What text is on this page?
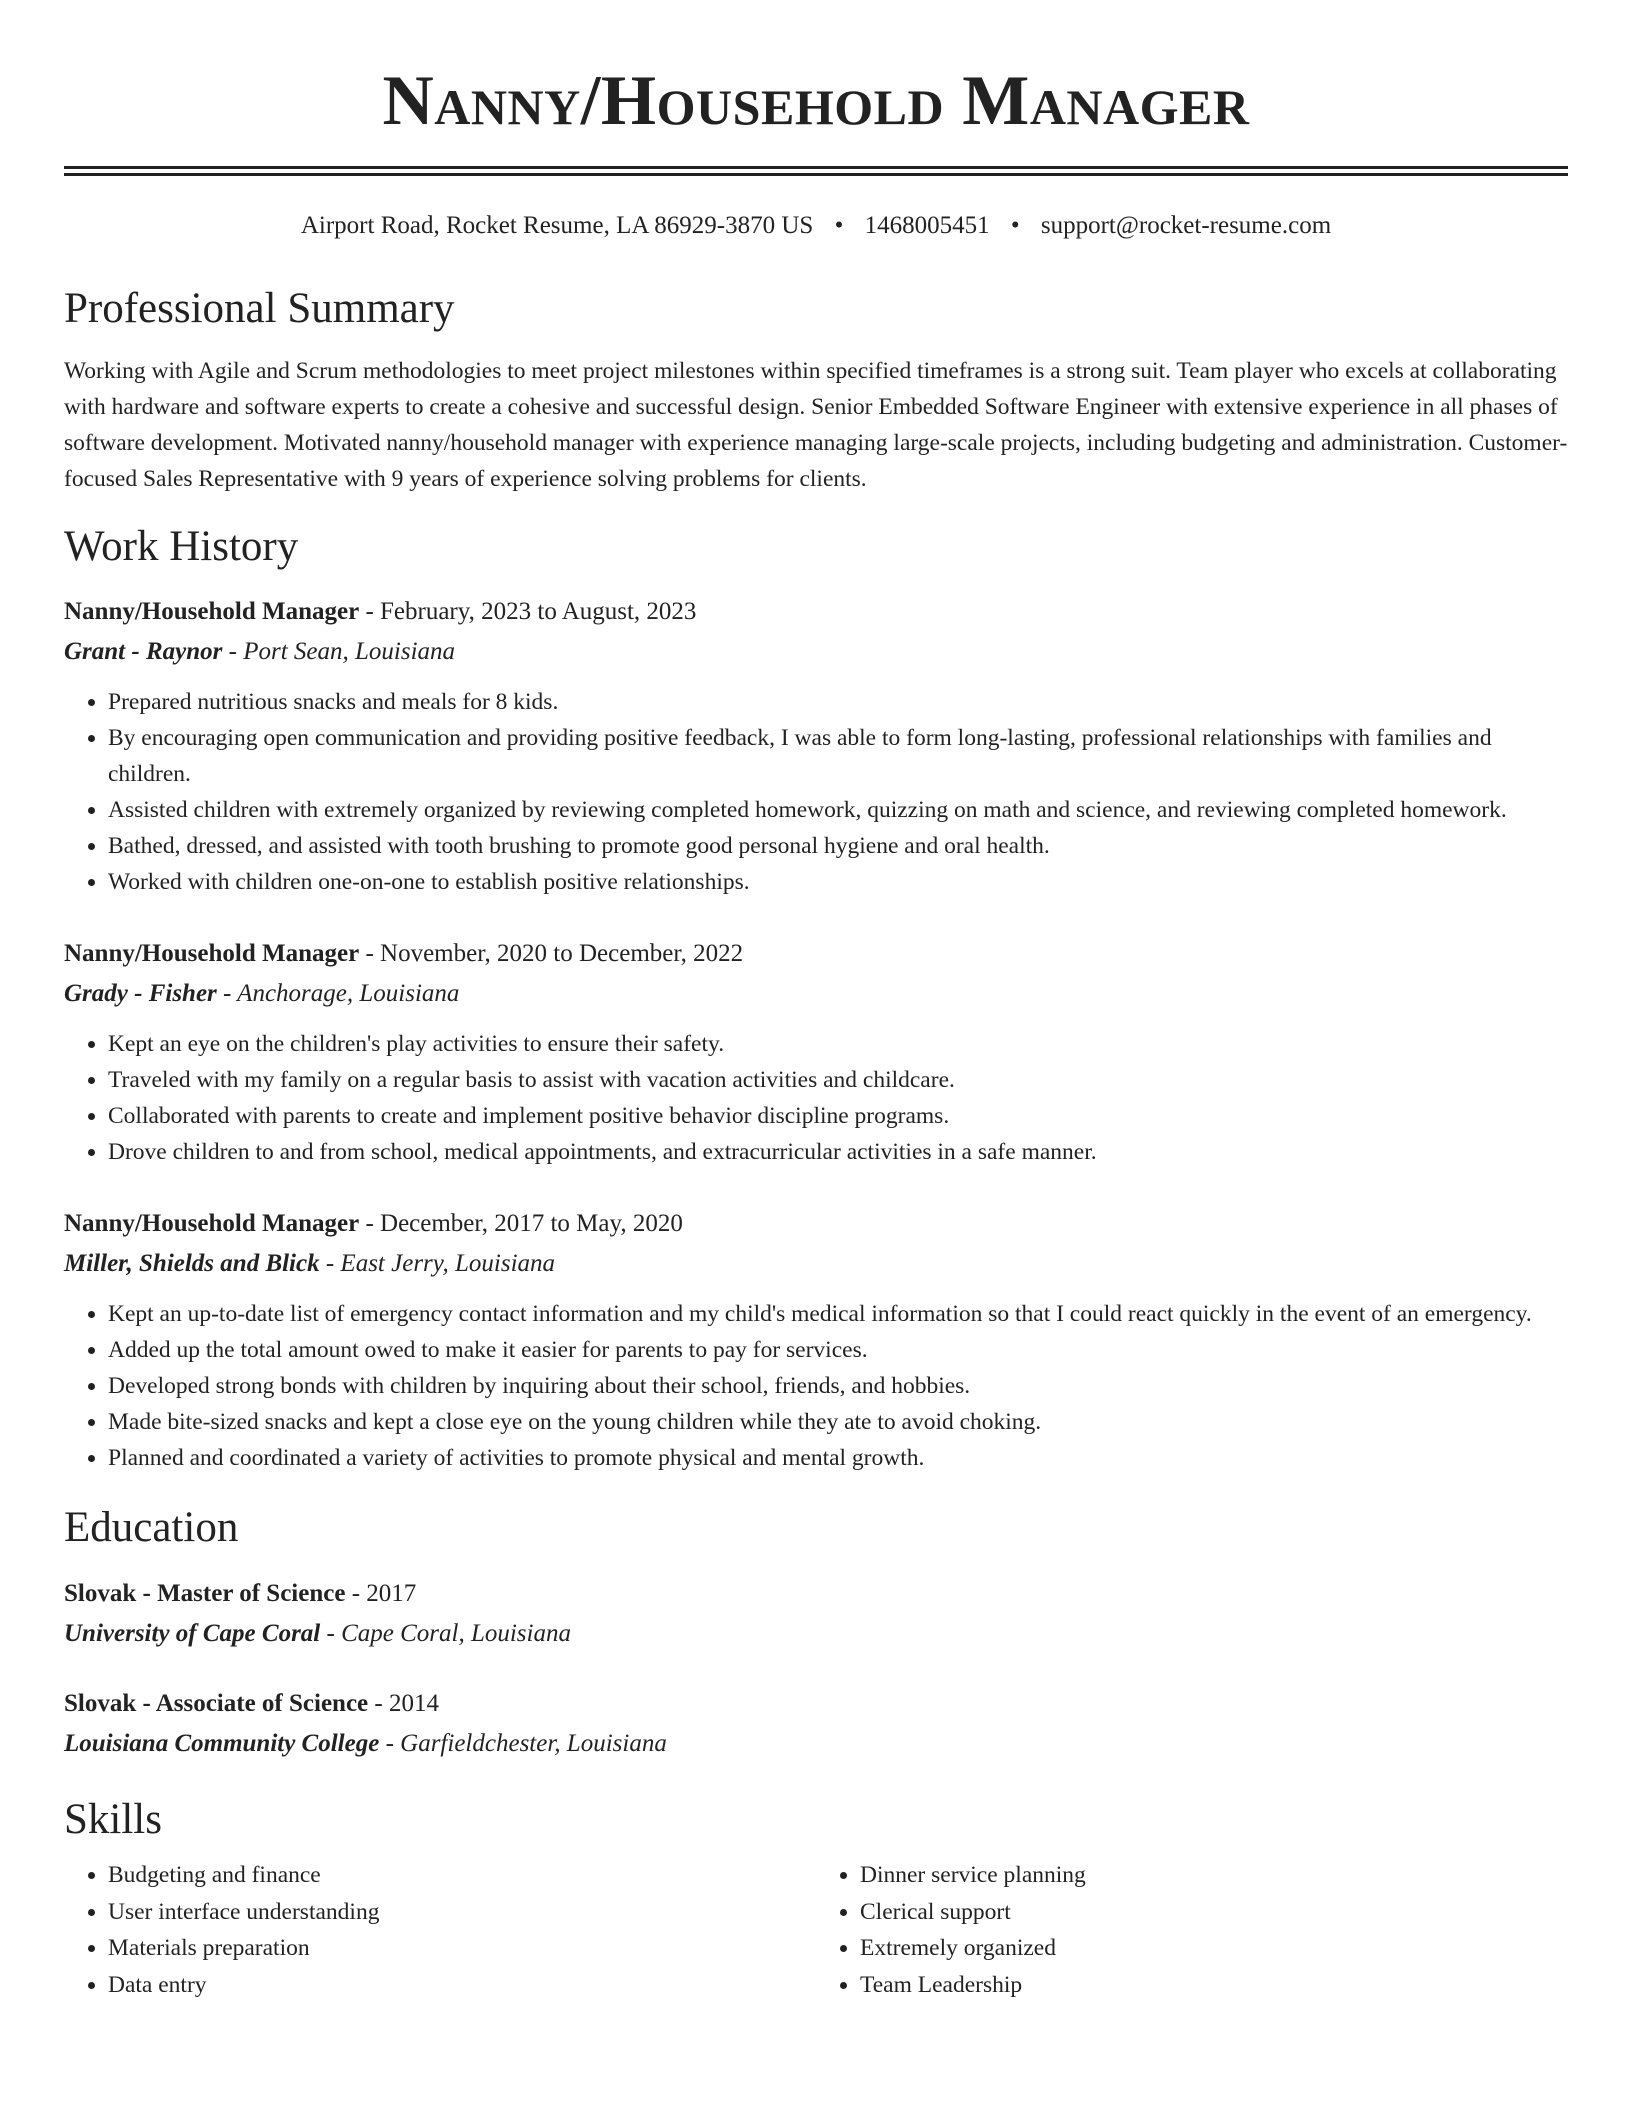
Nanny/Household Manager
Airport Road, Rocket Resume, LA 86929-3870 US • 1468005451 • support@rocket-resume.com
Professional Summary

Working with Agile and Scrum methodologies to meet project milestones within specified timeframes is a strong suit. Team player who excels at collaborating with hardware and software experts to create a cohesive and successful design. Senior Embedded Software Engineer with extensive experience in all phases of software development. Motivated nanny/household manager with experience managing large-scale projects, including budgeting and administration. Customer-focused Sales Representative with 9 years of experience solving problems for clients.

Work History
Nanny/Household Manager - February, 2023 to August, 2023
Grant - Raynor - Port Sean, Louisiana
• Prepared nutritious snacks and meals for 8 kids.
• By encouraging open communication and providing positive feedback, I was able to form long-lasting, professional relationships with families and children.
• Assisted children with extremely organized by reviewing completed homework, quizzing on math and science, and reviewing completed homework.
• Bathed, dressed, and assisted with tooth brushing to promote good personal hygiene and oral health.
• Worked with children one-on-one to establish positive relationships.
Nanny/Household Manager - November, 2020 to December, 2022
Grady - Fisher - Anchorage, Louisiana
• Kept an eye on the children's play activities to ensure their safety.
• Traveled with my family on a regular basis to assist with vacation activities and childcare.
• Collaborated with parents to create and implement positive behavior discipline programs.
• Drove children to and from school, medical appointments, and extracurricular activities in a safe manner.
Nanny/Household Manager - December, 2017 to May, 2020
Miller, Shields and Blick - East Jerry, Louisiana
• Kept an up-to-date list of emergency contact information and my child's medical information so that I could react quickly in the event of an emergency.
• Added up the total amount owed to make it easier for parents to pay for services.
• Developed strong bonds with children by inquiring about their school, friends, and hobbies.
• Made bite-sized snacks and kept a close eye on the young children while they ate to avoid choking.
• Planned and coordinated a variety of activities to promote physical and mental growth.
Education
Slovak - Master of Science - 2017
University of Cape Coral - Cape Coral, Louisiana
Slovak - Associate of Science - 2014
Louisiana Community College - Garfieldchester, Louisiana
Skills
• Budgeting and finance
• User interface understanding
• Materials preparation
• Data entry
• Dinner service planning
• Clerical support
• Extremely organized
• Team Leadership
